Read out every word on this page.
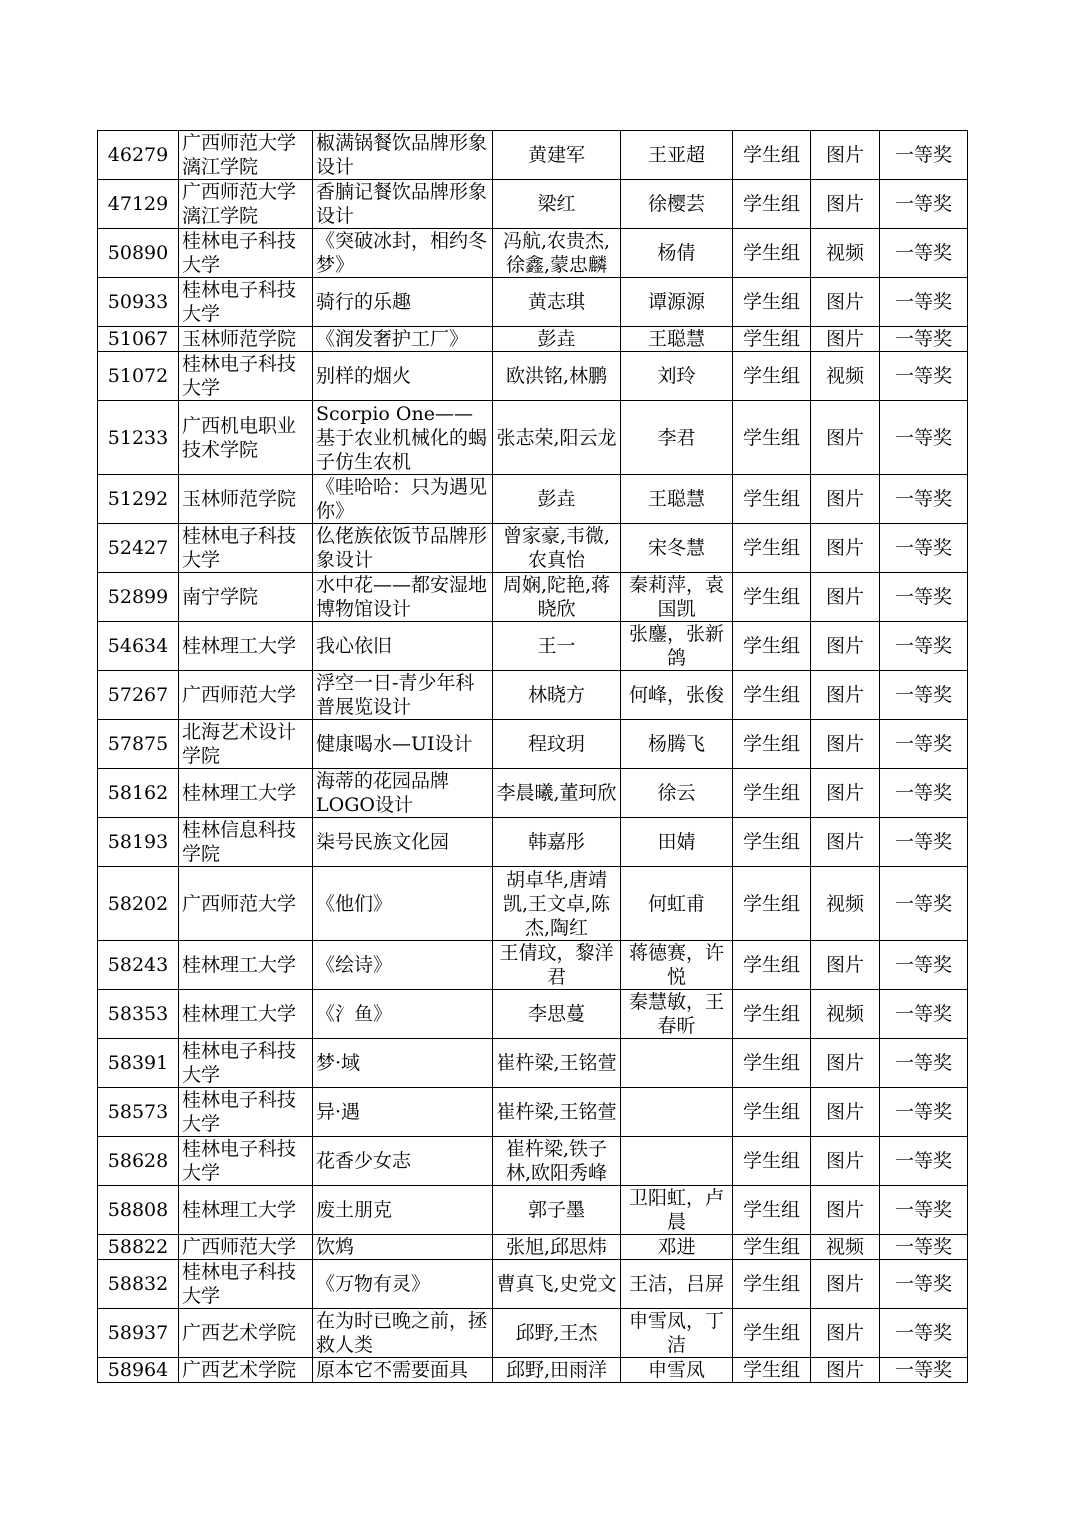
46279	广西师范大学漓江学院	椒满锅餐饮品牌形象设计	黄建军	王亚超	学生组	图片	一等奖
47129	广西师范大学漓江学院	香腩记餐饮品牌形象设计	梁红	徐樱芸	学生组	图片	一等奖
50890	桂林电子科技大学	《突破冰封，相约冬梦》	冯航,农贵杰,徐鑫,蒙忠麟	杨倩	学生组	视频	一等奖
50933	桂林电子科技大学	骑行的乐趣	黄志琪	谭源源	学生组	图片	一等奖
51067	玉林师范学院	《润发奢护工厂》	彭垚	王聪慧	学生组	图片	一等奖
51072	桂林电子科技大学	别样的烟火	欧洪铭,林鹏	刘玲	学生组	视频	一等奖
51233	广西机电职业技术学院	Scorpio One——基于农业机械化的蝎子仿生农机	张志荣,阳云龙	李君	学生组	图片	一等奖
51292	玉林师范学院	《哇哈哈：只为遇见你》	彭垚	王聪慧	学生组	图片	一等奖
52427	桂林电子科技大学	仫佬族依饭节品牌形象设计	曾家豪,韦微,农真怡	宋冬慧	学生组	图片	一等奖
52899	南宁学院	水中花——都安湿地博物馆设计	周娴,陀艳,蒋晓欣	秦莉萍，袁国凯	学生组	图片	一等奖
54634	桂林理工大学	我心依旧	王一	张鏖，张新鸽	学生组	图片	一等奖
57267	广西师范大学	浮空一日-青少年科普展览设计	林晓方	何峰，张俊	学生组	图片	一等奖
57875	北海艺术设计学院	健康喝水—UI设计	程玟玥	杨腾飞	学生组	图片	一等奖
58162	桂林理工大学	海蒂的花园品牌LOGO设计	李晨曦,董珂欣	徐云	学生组	图片	一等奖
58193	桂林信息科技学院	柒号民族文化园	韩嘉彤	田婧	学生组	图片	一等奖
58202	广西师范大学	《他们》	胡卓华,唐靖凯,王文卓,陈杰,陶红	何虹甫	学生组	视频	一等奖
58243	桂林理工大学	《绘诗》	王倩玟，黎洋君	蒋德赛，许悦	学生组	图片	一等奖
58353	桂林理工大学	《氵鱼》	李思蔓	秦慧敏，王春昕	学生组	视频	一等奖
58391	桂林电子科技大学	梦·域	崔杵梁,王铭萱		学生组	图片	一等奖
58573	桂林电子科技大学	异·遇	崔杵梁,王铭萱		学生组	图片	一等奖
58628	桂林电子科技大学	花香少女志	崔杵梁,铁子林,欧阳秀峰		学生组	图片	一等奖
58808	桂林理工大学	废土朋克	郭子墨	卫阳虹，卢晨	学生组	图片	一等奖
58822	广西师范大学	饮鸩	张旭,邱思炜	邓进	学生组	视频	一等奖
58832	桂林电子科技大学	《万物有灵》	曹真飞,史党文	王洁，吕屏	学生组	图片	一等奖
58937	广西艺术学院	在为时已晚之前，拯救人类	邱野,王杰	申雪凤，丁洁	学生组	图片	一等奖
58964	广西艺术学院	原本它不需要面具	邱野,田雨洋	申雪凤	学生组	图片	一等奖
